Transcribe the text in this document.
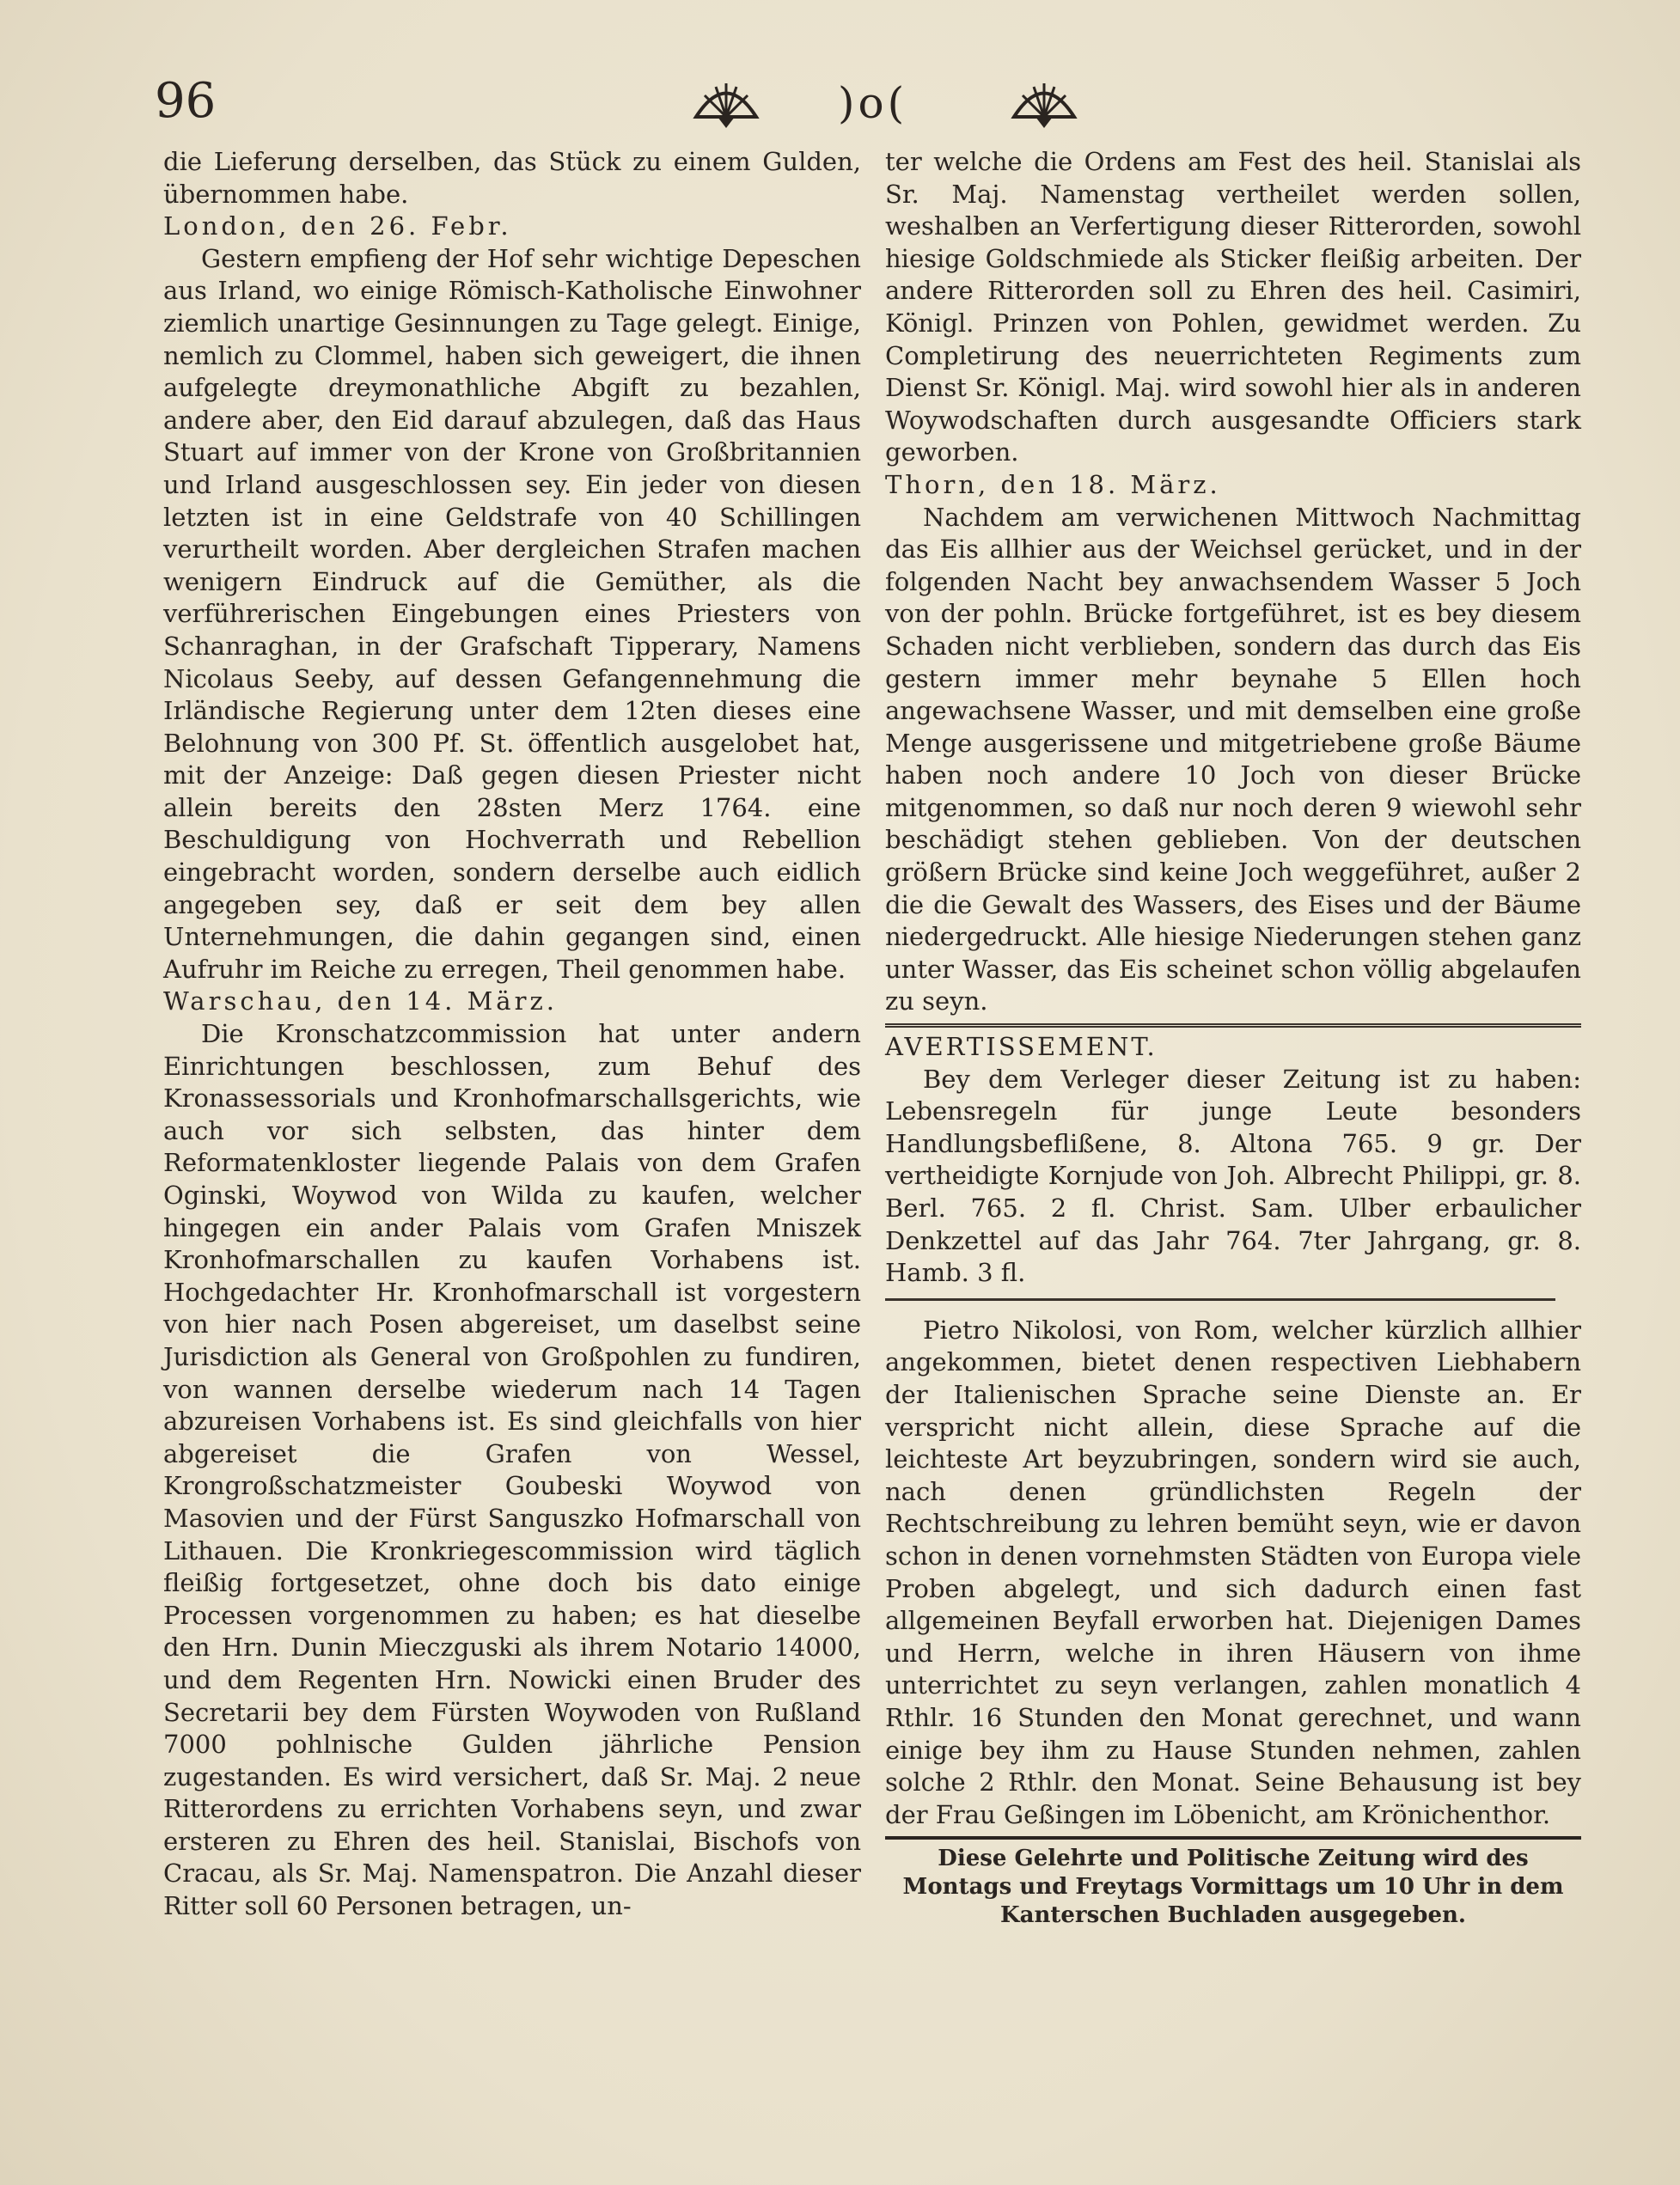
96	)o(

die Lieferung derselben, das Stück zu einem Gulden, übernommen habe.

London, den 26. Febr.

Gestern empfieng der Hof sehr wichtige Depeschen aus Irland, wo einige Römisch-Katholische Einwohner ziemlich unartige Gesinnungen zu Tage gelegt. Einige, nemlich zu Clommel, haben sich geweigert, die ihnen aufgelegte dreymonathliche Abgift zu bezahlen, andere aber, den Eid darauf abzulegen, daß das Haus Stuart auf immer von der Krone von Großbritannien und Irland ausgeschlossen sey. Ein jeder von diesen letzten ist in eine Geldstrafe von 40 Schillingen verurtheilt worden. Aber dergleichen Strafen machen wenigern Eindruck auf die Gemüther, als die verführerischen Eingebungen eines Priesters von Schanraghan, in der Grafschaft Tipperary, Namens Nicolaus Seeby, auf dessen Gefangennehmung die Irländische Regierung unter dem 12ten dieses eine Belohnung von 300 Pf. St. öffentlich ausgelobet hat, mit der Anzeige: Daß gegen diesen Priester nicht allein bereits den 28sten Merz 1764. eine Beschuldigung von Hochverrath und Rebellion eingebracht worden, sondern derselbe auch eidlich angegeben sey, daß er seit dem bey allen Unternehmungen, die dahin gegangen sind, einen Aufruhr im Reiche zu erregen, Theil genommen habe.

Warschau, den 14. März.

Die Kronschatzcommission hat unter andern Einrichtungen beschlossen, zum Behuf des Kronassessorials und Kronhofmarschallsgerichts, wie auch vor sich selbsten, das hinter dem Reformatenkloster liegende Palais von dem Grafen Oginski, Woywod von Wilda zu kaufen, welcher hingegen ein ander Palais vom Grafen Mniszek Kronhofmarschallen zu kaufen Vorhabens ist. Hochgedachter Hr. Kronhofmarschall ist vorgestern von hier nach Posen abgereiset, um daselbst seine Jurisdiction als General von Großpohlen zu fundiren, von wannen derselbe wiederum nach 14 Tagen abzureisen Vorhabens ist. Es sind gleichfalls von hier abgereiset die Grafen von Wessel, Krongroßschatzmeister Goubeski Woywod von Masovien und der Fürst Sanguszko Hofmarschall von Lithauen. Die Kronkriegescommission wird täglich fleißig fortgesetzet, ohne doch bis dato einige Processen vorgenommen zu haben; es hat dieselbe den Hrn. Dunin Mieczguski als ihrem Notario 14000, und dem Regenten Hrn. Nowicki einen Bruder des Secretarii bey dem Fürsten Woywoden von Rußland 7000 pohlnische Gulden jährliche Pension zugestanden. Es wird versichert, daß Sr. Maj. 2 neue Ritterordens zu errichten Vorhabens seyn, und zwar ersteren zu Ehren des heil. Stanislai, Bischofs von Cracau, als Sr. Maj. Namenspatron. Die Anzahl dieser Ritter soll 60 Personen betragen, un-

ter welche die Ordens am Fest des heil. Stanislai als Sr. Maj. Namenstag vertheilet werden sollen, weshalben an Verfertigung dieser Ritterorden, sowohl hiesige Goldschmiede als Sticker fleißig arbeiten. Der andere Ritterorden soll zu Ehren des heil. Casimiri, Königl. Prinzen von Pohlen, gewidmet werden. Zu Completirung des neuerrichteten Regiments zum Dienst Sr. Königl. Maj. wird sowohl hier als in anderen Woywodschaften durch ausgesandte Officiers stark geworben.

Thorn, den 18. März.

Nachdem am verwichenen Mittwoch Nachmittag das Eis allhier aus der Weichsel gerücket, und in der folgenden Nacht bey anwachsendem Wasser 5 Joch von der pohln. Brücke fortgeführet, ist es bey diesem Schaden nicht verblieben, sondern das durch das Eis gestern immer mehr beynahe 5 Ellen hoch angewachsene Wasser, und mit demselben eine große Menge ausgerissene und mitgetriebene große Bäume haben noch andere 10 Joch von dieser Brücke mitgenommen, so daß nur noch deren 9 wiewohl sehr beschädigt stehen geblieben. Von der deutschen größern Brücke sind keine Joch weggeführet, außer 2 die die Gewalt des Wassers, des Eises und der Bäume niedergedruckt. Alle hiesige Niederungen stehen ganz unter Wasser, das Eis scheinet schon völlig abgelaufen zu seyn.

AVERTISSEMENT.

Bey dem Verleger dieser Zeitung ist zu haben: Lebensregeln für junge Leute besonders Handlungsbeflißene, 8. Altona 765. 9 gr. Der vertheidigte Kornjude von Joh. Albrecht Philippi, gr. 8. Berl. 765. 2 fl. Christ. Sam. Ulber erbaulicher Denkzettel auf das Jahr 764. 7ter Jahrgang, gr. 8. Hamb. 3 fl.

Pietro Nikolosi, von Rom, welcher kürzlich allhier angekommen, bietet denen respectiven Liebhabern der Italienischen Sprache seine Dienste an. Er verspricht nicht allein, diese Sprache auf die leichteste Art beyzubringen, sondern wird sie auch, nach denen gründlichsten Regeln der Rechtschreibung zu lehren bemüht seyn, wie er davon schon in denen vornehmsten Städten von Europa viele Proben abgelegt, und sich dadurch einen fast allgemeinen Beyfall erworben hat. Diejenigen Dames und Herrn, welche in ihren Häusern von ihme unterrichtet zu seyn verlangen, zahlen monatlich 4 Rthlr. 16 Stunden den Monat gerechnet, und wann einige bey ihm zu Hause Stunden nehmen, zahlen solche 2 Rthlr. den Monat. Seine Behausung ist bey der Frau Geßingen im Löbenicht, am Krönichenthor.

Diese Gelehrte und Politische Zeitung wird des Montags und Freytags Vormittags um 10 Uhr in dem Kanterschen Buchladen ausgegeben.
